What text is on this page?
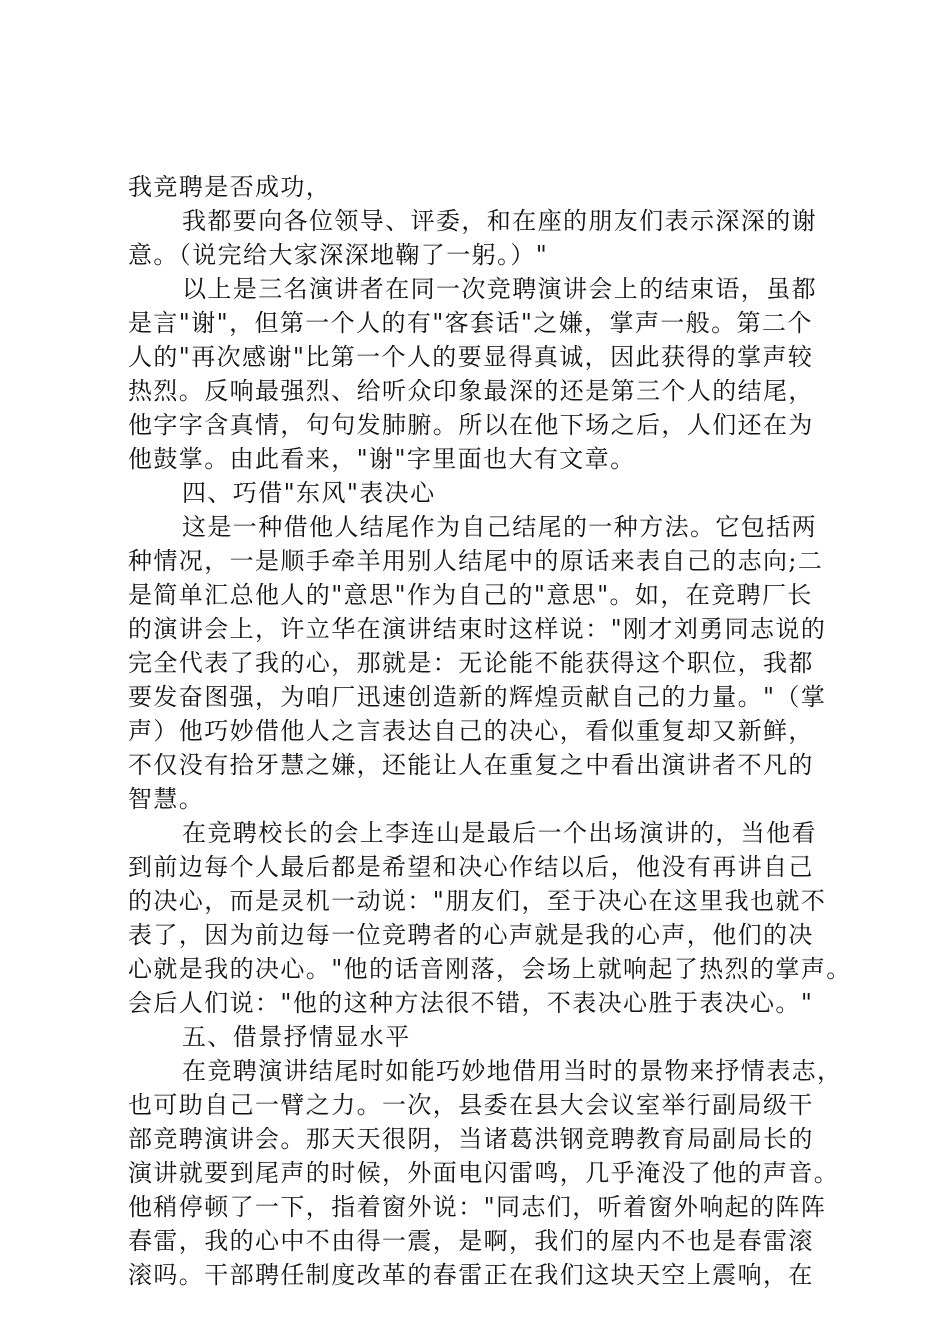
我竞聘是否成功，
我都要向各位领导、评委，和在座的朋友们表示深深的谢
意。（说完给大家深深地鞠了一躬。）"
以上是三名演讲者在同一次竞聘演讲会上的结束语，虽都
是言"谢"，但第一个人的有"客套话"之嫌，掌声一般。第二个
人的"再次感谢"比第一个人的要显得真诚，因此获得的掌声较
热烈。反响最强烈、给听众印象最深的还是第三个人的结尾，
他字字含真情，句句发肺腑。所以在他下场之后，人们还在为
他鼓掌。由此看来，"谢"字里面也大有文章。
四、巧借"东风"表决心
这是一种借他人结尾作为自己结尾的一种方法。它包括两
种情况，一是顺手牵羊用别人结尾中的原话来表自己的志向;二
是简单汇总他人的"意思"作为自己的"意思"。如，在竞聘厂长
的演讲会上，许立华在演讲结束时这样说："刚才刘勇同志说的
完全代表了我的心，那就是：无论能不能获得这个职位，我都
要发奋图强，为咱厂迅速创造新的辉煌贡献自己的力量。"（掌
声）他巧妙借他人之言表达自己的决心，看似重复却又新鲜，
不仅没有拾牙慧之嫌，还能让人在重复之中看出演讲者不凡的
智慧。
在竞聘校长的会上李连山是最后一个出场演讲的，当他看
到前边每个人最后都是希望和决心作结以后，他没有再讲自己
的决心，而是灵机一动说："朋友们，至于决心在这里我也就不
表了，因为前边每一位竞聘者的心声就是我的心声，他们的决
心就是我的决心。"他的话音刚落，会场上就响起了热烈的掌声。
会后人们说："他的这种方法很不错，不表决心胜于表决心。"
五、借景抒情显水平
在竞聘演讲结尾时如能巧妙地借用当时的景物来抒情表志，
也可助自己一臂之力。一次，县委在县大会议室举行副局级干
部竞聘演讲会。那天天很阴，当诸葛洪钢竞聘教育局副局长的
演讲就要到尾声的时候，外面电闪雷鸣，几乎淹没了他的声音。
他稍停顿了一下，指着窗外说："同志们，听着窗外响起的阵阵
春雷，我的心中不由得一震，是啊，我们的屋内不也是春雷滚
滚吗。干部聘任制度改革的春雷正在我们这块天空上震响，在
